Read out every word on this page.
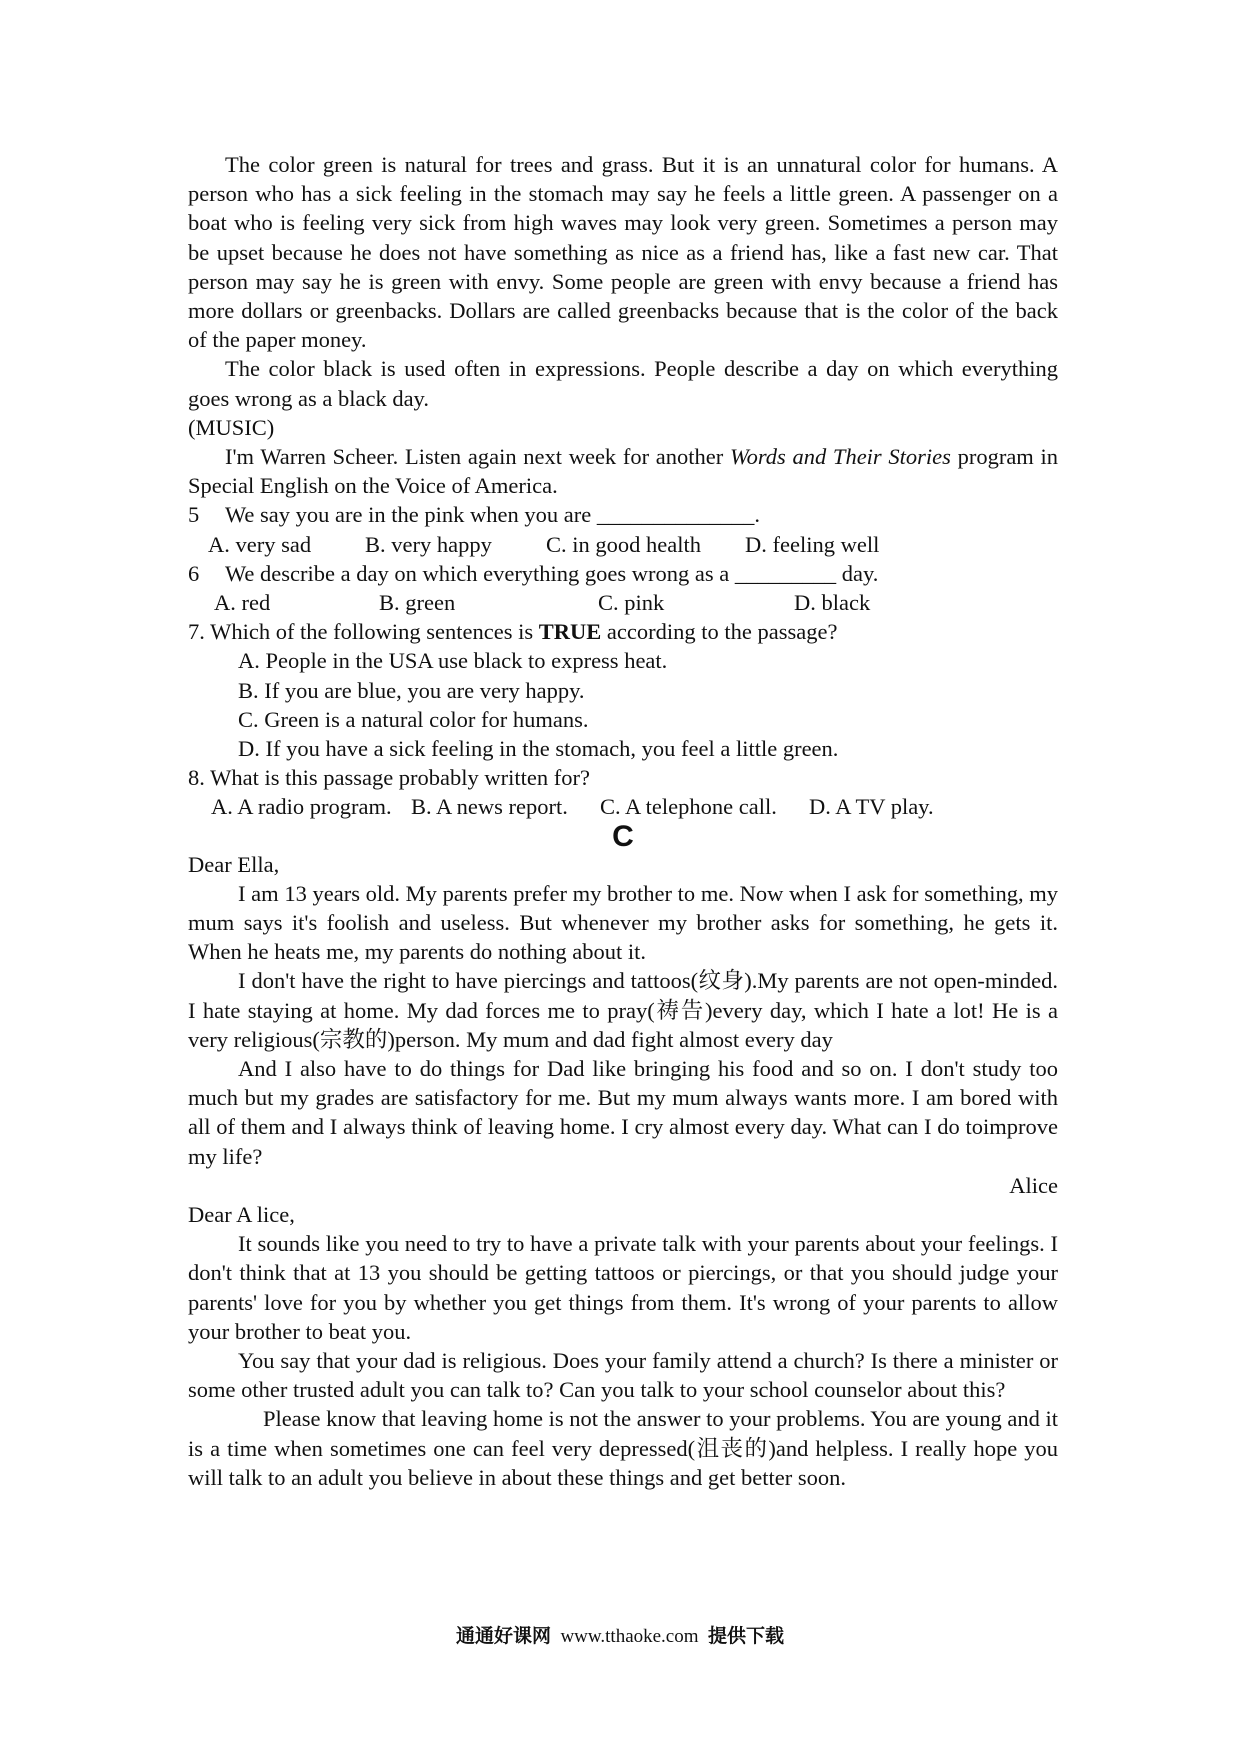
The color green is natural for trees and grass. But it is an unnatural color for humans. A person who has a sick feeling in the stomach may say he feels a little green. A passenger on a boat who is feeling very sick from high waves may look very green. Sometimes a person may be upset because he does not have something as nice as a friend has, like a fast new car. That person may say he is green with envy. Some people are green with envy because a friend has more dollars or greenbacks. Dollars are called greenbacks because that is the color of the back of the paper money.

The color black is used often in expressions. People describe a day on which everything goes wrong as a black day.

(MUSIC)

I'm Warren Scheer. Listen again next week for another Words and Their Stories program in Special English on the Voice of America.

5 We say you are in the pink when you are ______________.

A. very sad B. very happy C. in good health D. feeling well

6 We describe a day on which everything goes wrong as a _________ day.

A. red	B. green	C. pink	D. black

7. Which of the following sentences is TRUE according to the passage?

A. People in the USA use black to express heat.

B. If you are blue, you are very happy.

C. Green is a natural color for humans.

D. If you have a sick feeling in the stomach, you feel a little green.

8. What is this passage probably written for?

A. A radio program. B. A news report. C. A telephone call. D. A TV play.

C

Dear Ella,

I am 13 years old. My parents prefer my brother to me. Now when I ask for something, my mum says it's foolish and useless. But whenever my brother asks for something, he gets it. When he heats me, my parents do nothing about it.

I don't have the right to have piercings and tattoos(纹身).My parents are not open-minded. I hate staying at home. My dad forces me to pray(祷告)every day, which I hate a lot! He is a very religious(宗教的)person. My mum and dad fight almost every day

And I also have to do things for Dad like bringing his food and so on. I don't study too much but my grades are satisfactory for me. But my mum always wants more. I am bored with all of them and I always think of leaving home. I cry almost every day. What can I do toimprove my life?

Alice

Dear A lice,

It sounds like you need to try to have a private talk with your parents about your feelings. I don't think that at 13 you should be getting tattoos or piercings, or that you should judge your parents' love for you by whether you get things from them. It's wrong of your parents to allow your brother to beat you.

You say that your dad is religious. Does your family attend a church? Is there a minister or some other trusted adult you can talk to? Can you talk to your school counselor about this?

Please know that leaving home is not the answer to your problems. You are young and it is a time when sometimes one can feel very depressed(沮丧的)and helpless. I really hope you will talk to an adult you believe in about these things and get better soon.

通通好课网 www.tthaoke.com 提供下载
